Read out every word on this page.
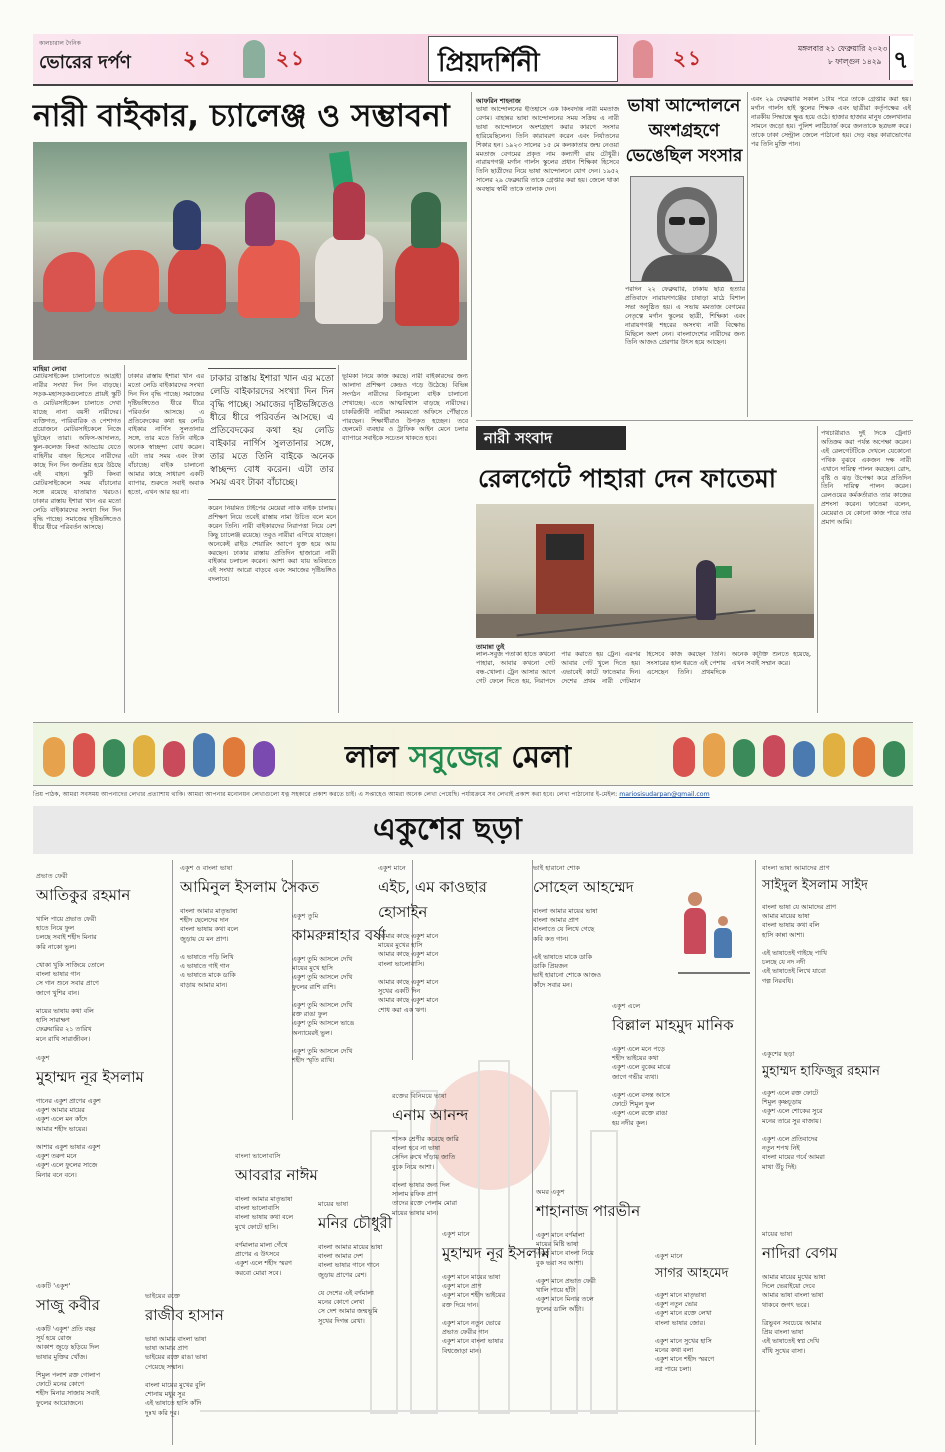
কালচারাল দৈনিক
ভোরের দর্পণ	২১	২১	প্রিয়দর্শিনী	২১	মঙ্গলবার ২১ ফেব্রুয়ারি ২০২৩
৮ ফাল্গুন ১৪২৯ ৭
নারী বাইকার, চ্যালেঞ্জ ও সম্ভাবনা
মাহিয়া লোবা
মোটরসাইকেল চালানোতে আগ্রহী নারীর সংখ্যা দিন দিন বাড়ছে। সড়ক-মহাসড়কগুলোতে প্রায়ই স্কুটি ও মোটরসাইকেল চালাতে দেখা যাচ্ছে নানা বয়সী নারীদের। ব্যক্তিগত, পারিবারিক ও পেশাগত প্রয়োজনে মোটরসাইকেলে নিজে ছুটছেন তারা। অফিস-আদালত, স্কুল-কলেজ কিংবা আড্ডায় যেতে বাহিনীর বাহন হিসেবে নারীদের কাছে দিন দিন জনপ্রিয় হয়ে উঠছে এই বাহন। স্কুটি কিংবা মোটরসাইকেলে সময় বাঁচানোর সঙ্গে রয়েছে যাতায়াত খরচও। ঢাকার রাস্তায় ইশারা খান এর মতো লেডি বাইকারদের সংখ্যা দিন দিন বৃদ্ধি পাচ্ছে। সমাজের দৃষ্টিভঙ্গিতেও ধীরে ধীরে পরিবর্তন আসছে।
ঢাকার রাস্তায় ইশারা খান এর মতো লেডি বাইকারদের সংখ্যা দিন দিন বৃদ্ধি পাচ্ছে। সমাজের দৃষ্টিভঙ্গিতেও ধীরে ধীরে পরিবর্তন আসছে। এ প্রতিবেদকের কথা হয় লেডি বাইকার নার্গিস সুলতানার সঙ্গে, তার মতে তিনি বাইকে অনেক স্বাচ্ছন্দ্য বোধ করেন। এটা তার সময় এবং টাকা বাঁচাচ্ছে। বাইক চালানো আমার কাছে সাধারণ একটি ব্যাপার, শুরুতে সবাই অবাক হতো, এখন আর হয় না।
ঢাকার রাস্তায় ইশারা খান এর মতো লেডি বাইকারদের সংখ্যা দিন দিন বৃদ্ধি পাচ্ছে। সমাজের দৃষ্টিভঙ্গিতেও ধীরে ধীরে পরিবর্তন আসছে। এ প্রতিবেদকের কথা হয় লেডি বাইকার নার্গিস সুলতানার সঙ্গে, তার মতে তিনি বাইকে অনেক স্বাচ্ছন্দ্য বোধ করেন। এটা তার সময় এবং টাকা বাঁচাচ্ছে।
করেন নিয়মিত টাইপের মেয়েরা নাকি বাইক চালায়। প্রশিক্ষণ নিয়ে তবেই রাস্তায় নামা উচিত বলে মনে করেন তিনি। নারী বাইকারদের নিরাপত্তা নিয়ে বেশ কিছু চ্যালেঞ্জ রয়েছে। তবুও নারীরা এগিয়ে যাচ্ছেন। অনেকেই রাইড শেয়ারিং অ্যাপে যুক্ত হয়ে আয় করছেন। ঢাকার রাস্তায় প্রতিদিন হাজারো নারী বাইকার চলাচল করেন। আশা করা যায় ভবিষ্যতে এই সংখ্যা আরো বাড়বে এবং সমাজের দৃষ্টিভঙ্গিও বদলাবে।
ভূমিকা নিয়ে কাজ করছে। নারী বাইকারদের জন্য আলাদা প্রশিক্ষণ কেন্দ্রও গড়ে উঠেছে। বিভিন্ন সংগঠন নারীদের বিনামূল্যে বাইক চালানো শেখাচ্ছে। এতে আত্মবিশ্বাস বাড়ছে নারীদের। চাকরিজীবী নারীরা সময়মতো অফিসে পৌঁছাতে পারছেন। শিক্ষার্থীরাও উপকৃত হচ্ছেন। তবে হেলমেট ব্যবহার ও ট্রাফিক আইন মেনে চলার ব্যাপারে সবাইকে সচেতন থাকতে হবে।
আফরিন শাহনাজ
ভাষা আন্দোলনের ইতিহাসে এক কিংবদন্তি নারী মমতাজ বেগম। বাহান্নর ভাষা আন্দোলনের সময় সক্রিয় এ নারী ভাষা আন্দোলনে অংশগ্রহণ করার কারণে সংসার হারিয়েছিলেন। তিনি কারাবরণ করেন এবং নির্যাতনের শিকার হন। ১৯২৩ সালের ১৫ মে কলকাতায় জন্ম নেওয়া মমতাজ বেগমের প্রকৃত নাম কল্যাণী রায় চৌধুরী। নারায়ণগঞ্জ মর্গান গার্লস স্কুলের প্রধান শিক্ষিকা হিসেবে তিনি ছাত্রীদের নিয়ে ভাষা আন্দোলনে যোগ দেন। ১৯৫২ সালের ২৯ ফেব্রুয়ারি তাকে গ্রেপ্তার করা হয়। জেলে থাকা অবস্থায় স্বামী তাকে তালাক দেন।
ভাষা আন্দোলনে অংশগ্রহণে ভেঙেছিল সংসার
পরদিন ২২ ফেব্রুয়ারি, ঢাকায় ছাত্র হত্যার প্রতিবাদে নারায়ণগঞ্জের চাষাড়া মাঠে বিশাল সভা অনুষ্ঠিত হয়। এ সভায় মমতাজ বেগমের নেতৃত্বে মর্গান স্কুলের ছাত্রী, শিক্ষিকা এবং নারায়ণগঞ্জ শহরের অসংখ্য নারী বিক্ষোভ মিছিলে অংশ নেন। বাংলাদেশের নারীদের জন্য তিনি আজও প্রেরণার উৎস হয়ে আছেন।
এবং ২৯ ফেব্রুয়ারি সকাল ১টায় পরে তাকে গ্রেপ্তার করা হয়। মর্গান গার্লস হাই স্কুলের শিক্ষক এবং ছাত্রীরা কর্তৃপক্ষের এই নারকীয় সিদ্ধান্তে ক্ষুব্ধ হয়ে ওঠে। হাজার হাজার মানুষ জেলখানার সামনে জড়ো হয়। পুলিশ লাঠিচার্জ করে জনতাকে ছত্রভঙ্গ করে। তাকে ঢাকা সেন্ট্রাল জেলে পাঠানো হয়। দেড় বছর কারাভোগের পর তিনি মুক্তি পান।
নারী সংবাদ
রেলগেটে পাহারা দেন ফাতেমা
তামান্না তুই
লাল-সবুজ পতাকা হাতে কখনো পাহারা, আবার কখনো গেট বন্ধ-খোলা। ট্রেন আসার আগে গেট ফেলে দিতে হয়, নিরাপদে পার করাতে হয় ট্রেন। এরপর আবার গেট খুলে দিতে হয়। এভাবেই কাটে ফাতেমার দিন। দেশের প্রথম নারী গেটম্যান হিসেবে কাজ করছেন তিনি। সংসারের হাল ধরতে এই পেশায় এসেছেন তিনি। প্রথমদিকে অনেক কটূক্তি শুনতে হয়েছে, এখন সবাই সম্মান করে।
পথচারীরাও দুই দিকে ট্রেনটি অতিক্রম করা পর্যন্ত অপেক্ষা করেন। এই রেলগেটটিকে দেখলে যেকোনো পথিক বুঝবে একজন দক্ষ নারী এখানে দায়িত্ব পালন করছেন। রোদ, বৃষ্টি ও ঝড় উপেক্ষা করে প্রতিদিন তিনি দায়িত্ব পালন করেন। রেলওয়ের কর্মকর্তারাও তার কাজের প্রশংসা করেন। ফাতেমা বলেন, মেয়েরাও যে কোনো কাজ পারে তার প্রমাণ আমি।
লাল সবুজের মেলা
প্রিয় পাঠক, আমরা সবসময় আপনাদের লেখার প্রত্যাশায় থাকি। আমরা আপনার মনোনয়ন লেখাগুলো যত্ন সহকারে প্রকাশ করতে চাই। এ সপ্তাহেও আমরা অনেক লেখা পেয়েছি। পর্যায়ক্রমে সব লেখাই প্রকাশ করা হবে। লেখা পাঠানোর ই-মেইল: mariosisudarpan@gmail.com
একুশের ছড়া
প্রভাত ফেরী
আতিকুর রহমান
খালি পায়ে প্রভাত ফেরী
হাতে নিয়ে ফুল
চলছে সবাই শহীদ মিনার
করি নাকো ভুল।

খোকা খুকি সাজিয়ে তোলে
বাংলা ভাষার গান
সে গান শুনে সবার প্রাণে
জাগে খুশির বান।

মায়ের ভাষায় কথা বলি
হাসি সারাক্ষণ
ফেব্রুয়ারির ২১ তারিখ
মনে রাখি সারাজীবন।
একুশ
মুহাম্মদ নূর ইসলাম
গানের একুশ প্রাণের একুশ
একুশ আমার মায়ের
একুশ এলে মন কাঁদে
আমার শহীদ ভায়ের।

আশার একুশ ভাষার একুশ
একুশ তরুণ মনে
একুশ এলে ফুলের সাজে
মিনার বনে বনে।
একটি 'একুশ'
সাজু কবীর
একটি 'একুশ' প্রতি বছর
সূর্য হয়ে রোজ
আকাশ জুড়ে ছড়িয়ে দিল
ভাষার মুক্তির খোঁজ।

শিমুল পলাশ রক্ত গোলাপ
ফোটে মনের কোণে
শহীদ মিনার সাজায় সবাই
ফুলের আয়োজনে।
একুশ ও বাংলা ভাষা
আমিনুল ইসলাম সৈকত
বাংলা আমার মাতৃভাষা
শহীদ ছেলেদের দান
বাংলা ভাষায় কথা বলে
জুড়ায় যে মন প্রাণ।

এ ভাষাতে পড়ি লিখি
এ ভাষাতে গাই গান
এ ভাষাতে মাকে ডাকি
বাড়ায় আমার মান।
বাংলা ভালোবাসি
আবরার নাঈম
বাংলা আমার মাতৃভাষা
বাংলা ভালোবাসি
বাংলা ভাষায় কথা বলে
মুখে ফোটে হাসি।

বর্ণমালার মালা গেঁথে
প্রাণের এ উৎসবে
একুশ এলে শহীদ স্মরণ
করবো মোরা সবে।
ভাইয়ের রক্তে
রাজীব হাসান
ভাষা আমার বাংলা ভাষা
ভাষা আমার প্রাণ
ভাইয়ের রক্তে রাঙা ভাষা
পেয়েছে সম্মান।

বাংলা মায়ের মুখের বুলি
শোনায় মধুর সুর
এই ভাষাতে হাসি কাঁদি
দুঃখ করি দূর।
একুশ তুমি
কামরুন্নাহার বর্ষা
একুশ তুমি আসলে দেখি
মায়ের মুখে হাসি
একুশ তুমি আসলে দেখি
ফুলের রাশি রাশি।

একুশ তুমি আসলে দেখি
রক্ত রাঙা ফুল
একুশ তুমি আসলে ভাঙে
অন্যায়েরই ভুল।

একুশ তুমি আসলে দেখি
শহীদ স্মৃতি রাখি।
মায়ের ভাষা
মনির চৌধুরী
বাংলা আমার মায়ের ভাষা
বাংলা আমার দেশ
বাংলা ভাষার গানে গানে
জুড়ায় প্রাণের রেশ।

যে দেশের এই বর্ণমালা
মনের কোণে লেখা
সে দেশ আমার জন্মভূমি
সুখের দিগন্ত রেখা।
একুশ মানে
এইচ, এম কাওছার হোসাইন
আমার কাছে একুশ মানে
মায়ের মুখের হাসি
আমার কাছে একুশ মানে
বাংলা ভালোবাসি।

আমার কাছে একুশ মানে
সুখের একটি দিন
আমার কাছে একুশ মানে
শোধ করা এক ঋণ।
রক্তের বিনিময়ে ভাষা
এনাম আনন্দ
শাসক শ্রেণীর করেছে জারি
বাংলা হবে না ভাষা
সেদিন রুখে দাঁড়ায় জাতি
বুকে নিয়ে আশা।

বাংলা ভাষার জন্য দিল
সালাম রফিক প্রাণ
তাদের রক্তে পেলাম মোরা
মায়ের ভাষার মান।
একুশ মানে
মুহাম্মদ নূর ইসলাম
একুশ মানে মায়ের ভাষা
একুশ মানে প্রাণ
একুশ মানে শহীদ ভাইয়ের
রক্ত দিয়ে দান।

একুশ মানে নতুন ভোরে
প্রভাত ফেরীর গান
একুশ মানে বাংলা ভাষার
বিশ্বজোড়া মান।
ভাই হারানো শোক
সোহেল আহম্মেদ
বাংলা আমার মায়ের ভাষা
বাংলা আমার প্রাণ
বাংলাতে যে লিখে গেছে
কবি কত গান।

এই ভাষাতে মাকে ডাকি
ডাকি প্রিয়জন
ভাই হারানো শোকে আজও
কাঁদে সবার মন।
একুশ এলে
বিল্লাল মাহমুদ মানিক
একুশ এলে মনে পড়ে
শহীদ ভাইয়ের কথা
একুশ এলে বুকের মাঝে
জাগে গভীর ব্যথা।

একুশ এলে বসন্ত আসে
ফোটে শিমুল ফুল
একুশ এলে রক্তে রাঙা
হয় নদীর কূল।
অমর একুশ
শাহানাজ পারভীন
একুশ মানে বর্ণমালা
মায়ের মিষ্টি ভাষা
একুশ মানে বাংলা নিয়ে
বুক ভরা সব আশা।

একুশ মানে প্রভাত ফেরী
খালি পায়ে হাঁটা
একুশ মানে মিনার তলে
ফুলের ডালি আঁটা।
একুশ মানে
সাগর আহমেদ
একুশ মানে মাতৃভাষা
একুশ নতুন ভোর
একুশ মানে রক্তে লেখা
বাংলা ভাষার জোর।

একুশ মানে সুখের হাসি
মনের কথা বলা
একুশ মানে শহীদ স্মরণে
নগ্ন পায়ে চলা।
বাংলা ভাষা আমাদের প্রাণ
সাইদুল ইসলাম সাইদ
বাংলা ভাষা যে আমাদের প্রাণ
আমার মায়ের ভাষা
বাংলা ভাষায় কথা বলি
হাসি কান্না আশা।

এই ভাষাতেই গাইছে পাখি
চলছে যে নদ নদী
এই ভাষাতেই লিখে যাবো
গল্প নিরবধি।
একুশের ছড়া
মুহাম্মদ হাফিজুর রহমান
একুশ এলে রক্ত ফোটে
শিমুল কৃষ্ণচূড়ায়
একুশ এলে শোকের সুরে
মনের তারে সুর বাজায়।

একুশ এলে প্রতিবাদের
নতুন শপথ নিই
বাংলা মায়ের গর্বে আমরা
মাথা উঁচু দিই।
মায়ের ভাষা
নাদিরা বেগম
আমার মায়ের মুখের ভাষা
দিলে ভেরাইয়ো দেবে
আমার ভাষা বাংলা ভাষা
থাকবে জগৎ ভরে।

ত্রিভুবন সবচেয়ে আমার
প্রিয় বাংলা ভাষা
এই ভাষাতেই স্বপ্ন দেখি
বাঁধি সুখের বাসা।
